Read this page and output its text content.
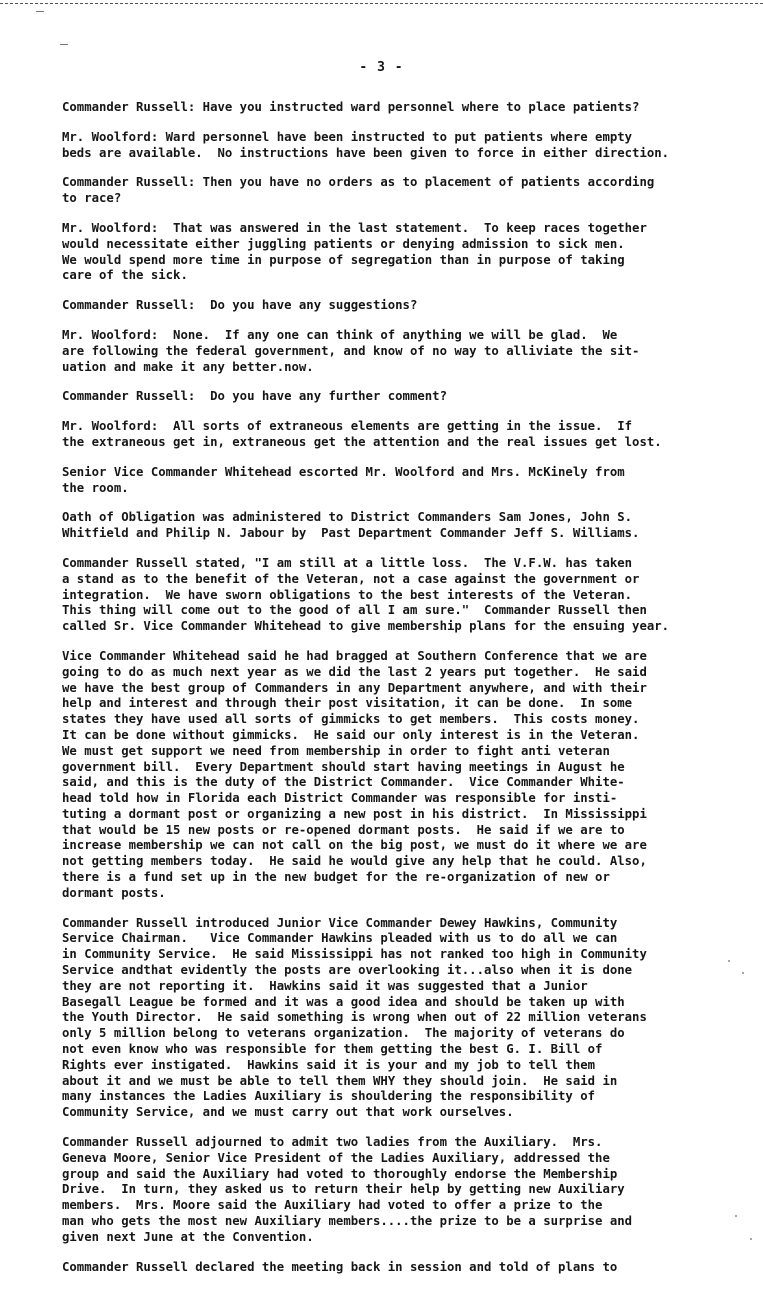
- 3 -

Commander Russell: Have you instructed ward personnel where to place patients?

Mr. Woolford: Ward personnel have been instructed to put patients where empty
beds are available.  No instructions have been given to force in either direction.

Commander Russell: Then you have no orders as to placement of patients according
to race?

Mr. Woolford:  That was answered in the last statement.  To keep races together
would necessitate either juggling patients or denying admission to sick men.
We would spend more time in purpose of segregation than in purpose of taking
care of the sick.

Commander Russell:  Do you have any suggestions?

Mr. Woolford:  None.  If any one can think of anything we will be glad.  We
are following the federal government, and know of no way to alliviate the sit-
uation and make it any better.now.

Commander Russell:  Do you have any further comment?

Mr. Woolford:  All sorts of extraneous elements are getting in the issue.  If
the extraneous get in, extraneous get the attention and the real issues get lost.

Senior Vice Commander Whitehead escorted Mr. Woolford and Mrs. McKinely from
the room.

Oath of Obligation was administered to District Commanders Sam Jones, John S.
Whitfield and Philip N. Jabour by  Past Department Commander Jeff S. Williams.

Commander Russell stated, "I am still at a little loss.  The V.F.W. has taken
a stand as to the benefit of the Veteran, not a case against the government or
integration.  We have sworn obligations to the best interests of the Veteran.
This thing will come out to the good of all I am sure."  Commander Russell then
called Sr. Vice Commander Whitehead to give membership plans for the ensuing year.

Vice Commander Whitehead said he had bragged at Southern Conference that we are
going to do as much next year as we did the last 2 years put together.  He said
we have the best group of Commanders in any Department anywhere, and with their
help and interest and through their post visitation, it can be done.  In some
states they have used all sorts of gimmicks to get members.  This costs money.
It can be done without gimmicks.  He said our only interest is in the Veteran.
We must get support we need from membership in order to fight anti veteran
government bill.  Every Department should start having meetings in August he
said, and this is the duty of the District Commander.  Vice Commander White-
head told how in Florida each District Commander was responsible for insti-
tuting a dormant post or organizing a new post in his district.  In Mississippi
that would be 15 new posts or re-opened dormant posts.  He said if we are to
increase membership we can not call on the big post, we must do it where we are
not getting members today.  He said he would give any help that he could. Also,
there is a fund set up in the new budget for the re-organization of new or
dormant posts.

Commander Russell introduced Junior Vice Commander Dewey Hawkins, Community
Service Chairman.   Vice Commander Hawkins pleaded with us to do all we can
in Community Service.  He said Mississippi has not ranked too high in Community
Service andthat evidently the posts are overlooking it...also when it is done
they are not reporting it.  Hawkins said it was suggested that a Junior
Basegall League be formed and it was a good idea and should be taken up with
the Youth Director.  He said something is wrong when out of 22 million veterans
only 5 million belong to veterans organization.  The majority of veterans do
not even know who was responsible for them getting the best G. I. Bill of
Rights ever instigated.  Hawkins said it is your and my job to tell them
about it and we must be able to tell them WHY they should join.  He said in
many instances the Ladies Auxiliary is shouldering the responsibility of
Community Service, and we must carry out that work ourselves.

Commander Russell adjourned to admit two ladies from the Auxiliary.  Mrs.
Geneva Moore, Senior Vice President of the Ladies Auxiliary, addressed the
group and said the Auxiliary had voted to thoroughly endorse the Membership
Drive.  In turn, they asked us to return their help by getting new Auxiliary
members.  Mrs. Moore said the Auxiliary had voted to offer a prize to the
man who gets the most new Auxiliary members....the prize to be a surprise and
given next June at the Convention.

Commander Russell declared the meeting back in session and told of plans to
